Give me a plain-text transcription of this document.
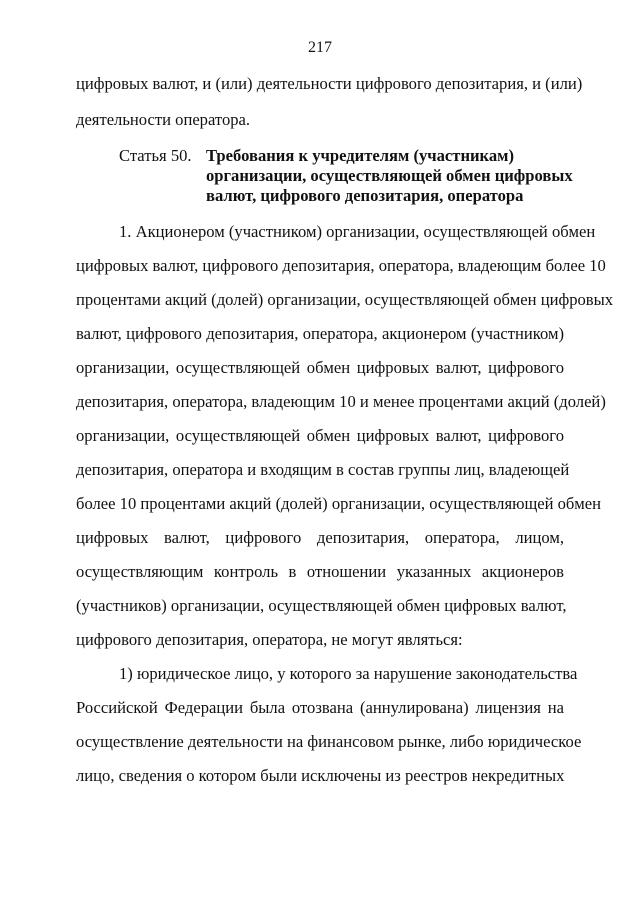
217
цифровых валют, и (или) деятельности цифрового депозитария, и (или)
деятельности оператора.
Статья 50. Требования к учредителям (участникам)
организации, осуществляющей обмен цифровых
валют, цифрового депозитария, оператора
1. Акционером (участником) организации, осуществляющей обмен
цифровых валют, цифрового депозитария, оператора, владеющим более 10
процентами акций (долей) организации, осуществляющей обмен цифровых
валют, цифрового депозитария, оператора, акционером (участником)
организации, осуществляющей обмен цифровых валют, цифрового
депозитария, оператора, владеющим 10 и менее процентами акций (долей)
организации, осуществляющей обмен цифровых валют, цифрового
депозитария, оператора и входящим в состав группы лиц, владеющей
более 10 процентами акций (долей) организации, осуществляющей обмен
цифровых валют, цифрового депозитария, оператора, лицом,
осуществляющим контроль в отношении указанных акционеров
(участников) организации, осуществляющей обмен цифровых валют,
цифрового депозитария, оператора, не могут являться:
1) юридическое лицо, у которого за нарушение законодательства
Российской Федерации была отозвана (аннулирована) лицензия на
осуществление деятельности на финансовом рынке, либо юридическое
лицо, сведения о котором были исключены из реестров некредитных
